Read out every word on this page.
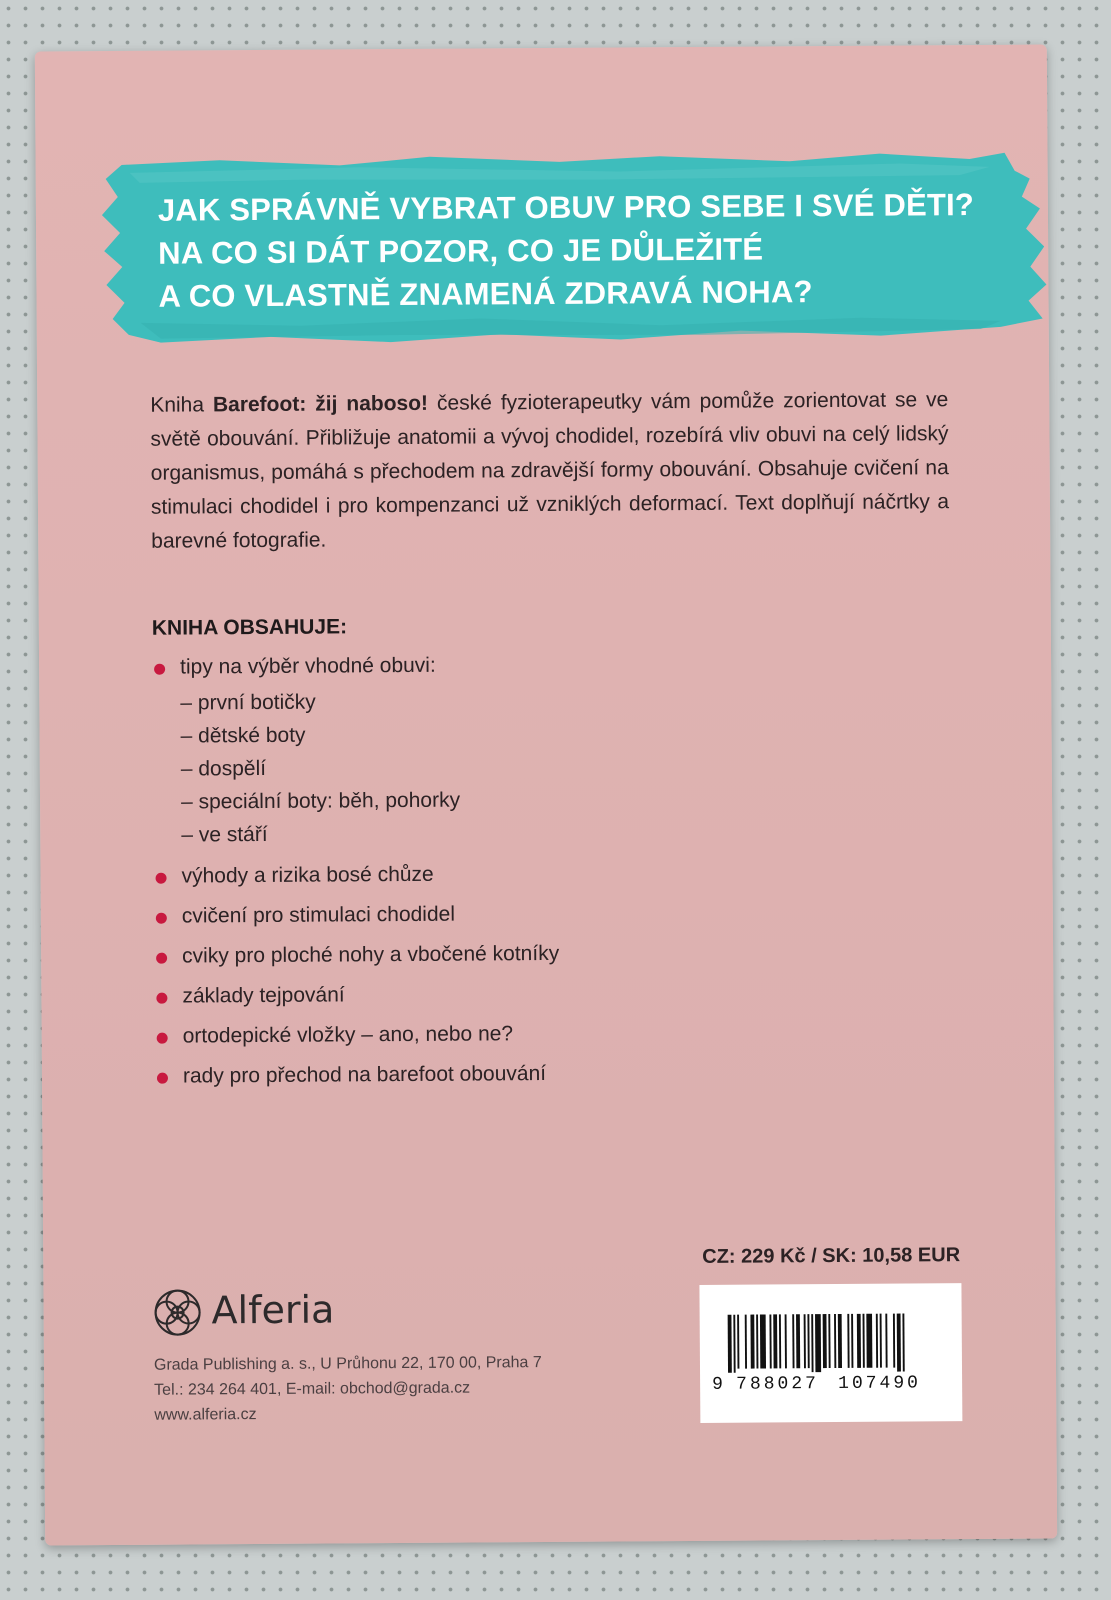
JAK SPRÁVNĚ VYBRAT OBUV PRO SEBE I SVÉ DĚTI?
NA CO SI DÁT POZOR, CO JE DŮLEŽITÉ
A CO VLASTNĚ ZNAMENÁ ZDRAVÁ NOHA?
Kniha Barefoot: žij naboso! české fyzioterapeutky vám pomůže zorientovat se ve světě obouvání. Přibližuje anatomii a vývoj chodidel, rozebírá vliv obuvi na celý lidský organismus, pomáhá s přechodem na zdravější formy obouvání. Obsahuje cvičení na stimulaci chodidel i pro kompenzanci už vzniklých deformací. Text doplňují náčrtky a barevné fotografie.
KNIHA OBSAHUJE:
tipy na výběr vhodné obuvi:
– první botičky
– dětské boty
– dospělí
– speciální boty: běh, pohorky
– ve stáří
výhody a rizika bosé chůze
cvičení pro stimulaci chodidel
cviky pro ploché nohy a vbočené kotníky
základy tejpování
ortodepické vložky – ano, nebo ne?
rady pro přechod na barefoot obouvání
CZ: 229 Kč / SK: 10,58 EUR
9 788027 107490
Alferia
Grada Publishing a. s., U Průhonu 22, 170 00, Praha 7
Tel.: 234 264 401, E-mail: obchod@grada.cz
www.alferia.cz
